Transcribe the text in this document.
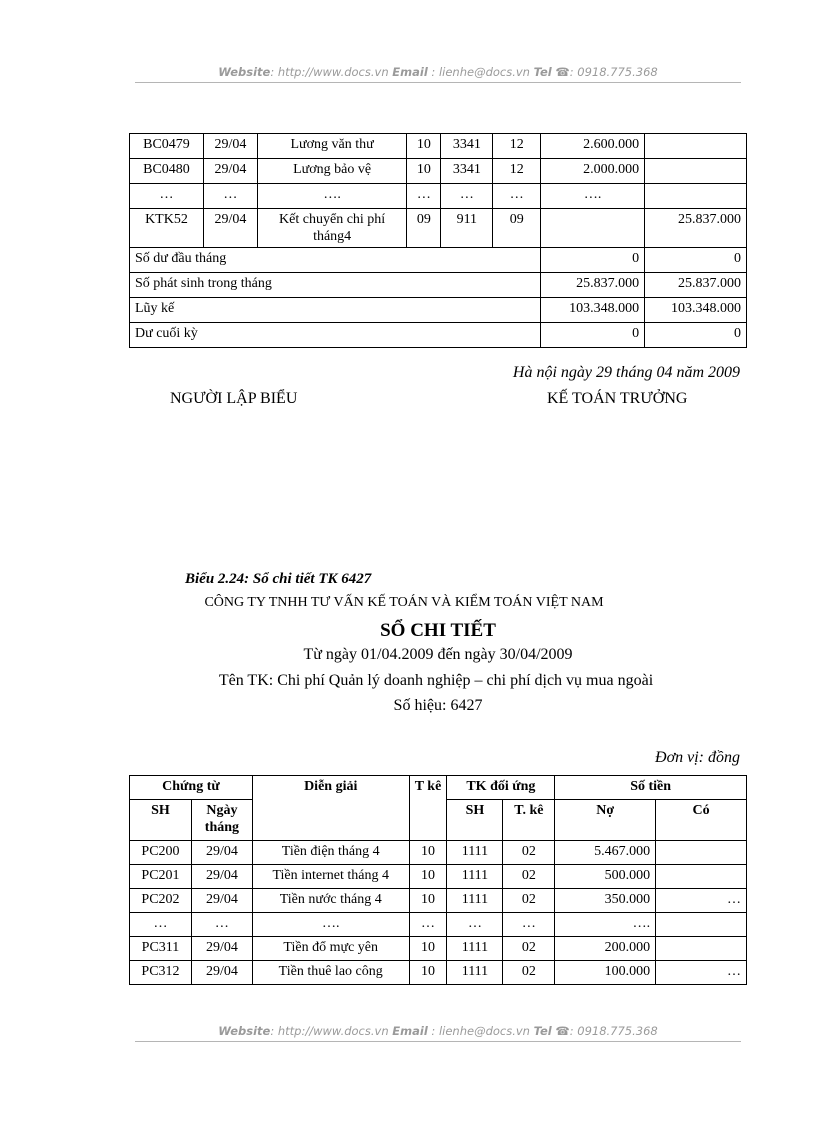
Website: http://www.docs.vn Email : lienhe@docs.vn Tel ☎: 0918.775.368
BC0479	29/04	Lương văn thư	10	3341	12	2.600.000	
BC0480	29/04	Lương bảo vệ	10	3341	12	2.000.000	
…	…	….	…	…	…	….	
KTK52	29/04	Kết chuyển chi phí tháng4	09	911	09		25.837.000
Số dư đầu tháng						0	0
Số phát sinh trong tháng						25.837.000	25.837.000
Lũy kế						103.348.000	103.348.000
Dư cuối kỳ						0	0
Hà nội ngày 29 tháng 04 năm 2009
NGƯỜI LẬP BIỂU	KẾ TOÁN TRƯỞNG
Biểu 2.24: Sổ chi tiết TK 6427
CÔNG TY TNHH TƯ VẤN KẾ TOÁN VÀ KIỂM TOÁN VIỆT NAM
SỔ CHI TIẾT
Từ ngày 01/04.2009 đến ngày 30/04/2009
Tên TK: Chi phí Quản lý doanh nghiệp – chi phí dịch vụ mua ngoài
Số hiệu: 6427
Đơn vị: đồng
Chứng từ		Diễn giải	T kê	TK đối ứng		Số tiền	
SH	Ngày tháng			SH	T. kê	Nợ	Có
PC200	29/04	Tiền điện tháng 4	10	1111	02	5.467.000	
PC201	29/04	Tiền internet tháng 4	10	1111	02	500.000	
PC202	29/04	Tiền nước tháng 4	10	1111	02	350.000	…
…	…	….	…	…	…	….	
PC311	29/04	Tiền đổ mực yên	10	1111	02	200.000	
PC312	29/04	Tiền thuê lao công	10	1111	02	100.000	…
Website: http://www.docs.vn Email : lienhe@docs.vn Tel ☎: 0918.775.368
